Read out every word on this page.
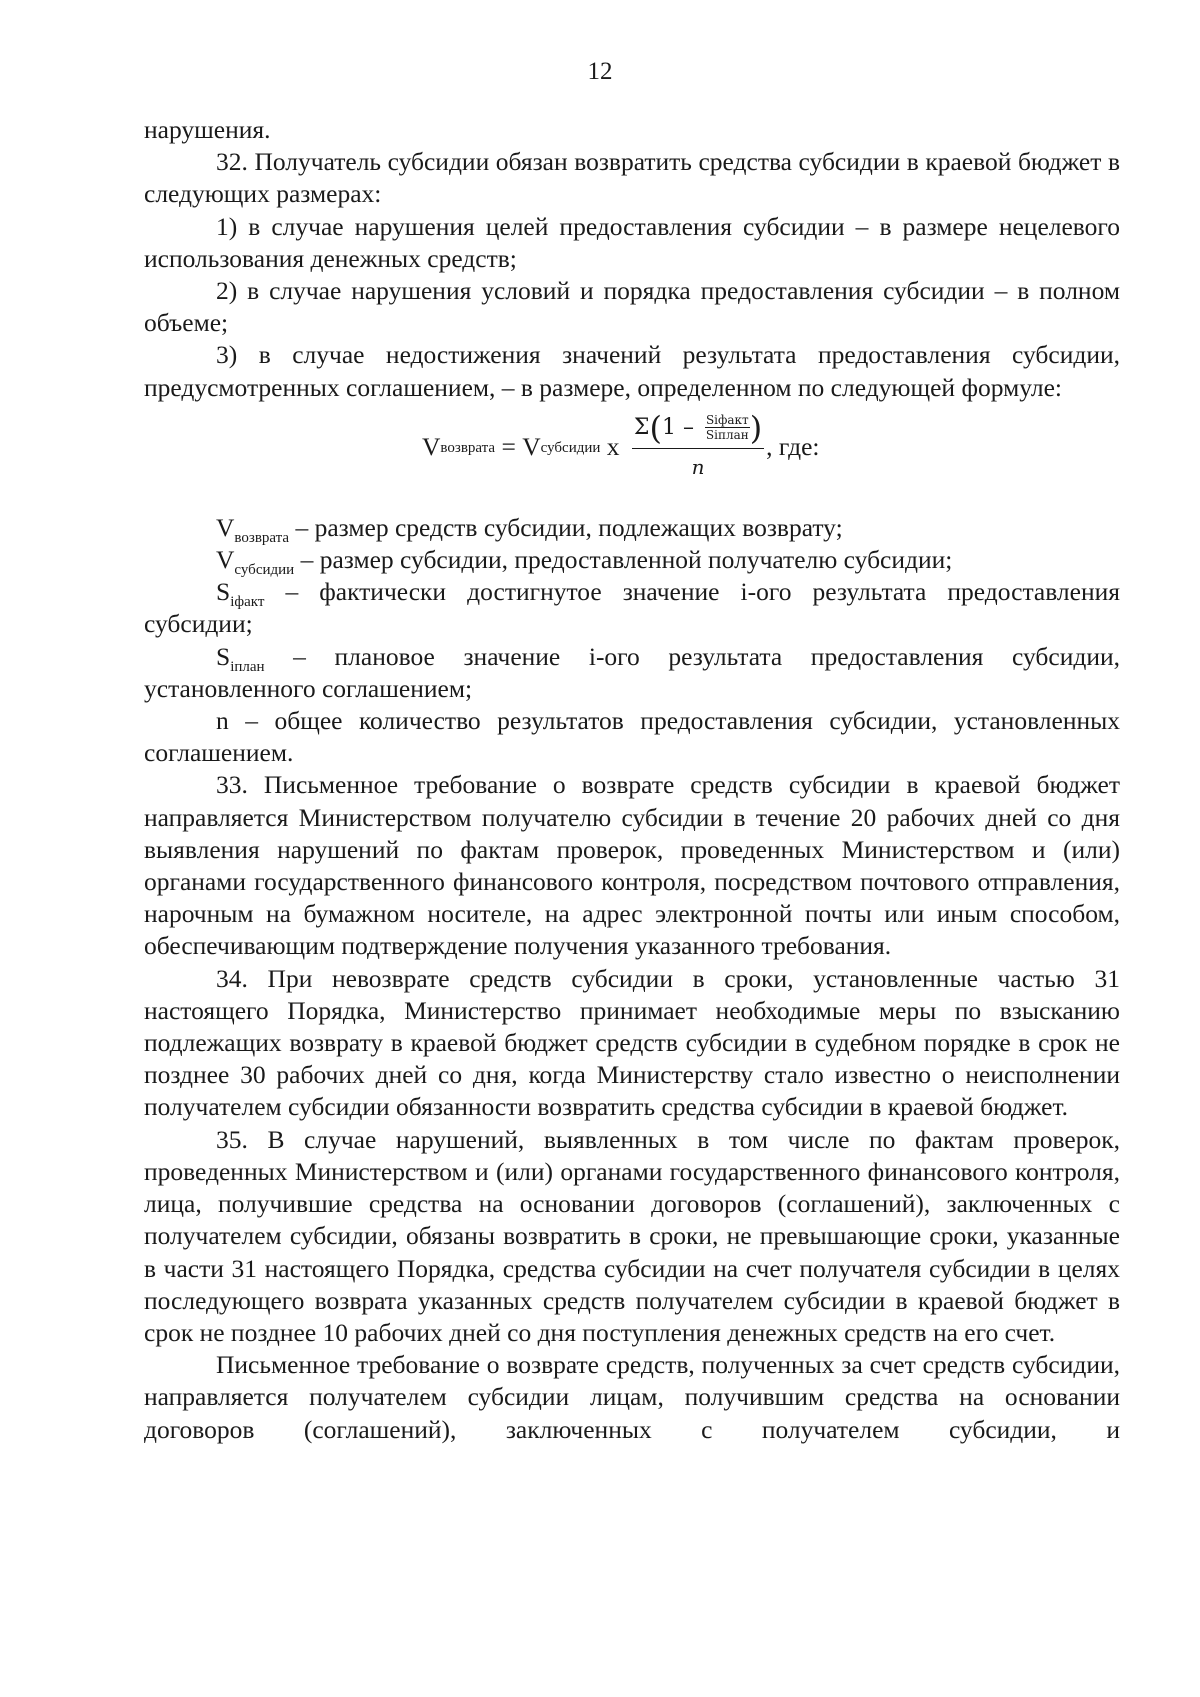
12

нарушения.

32. Получатель субсидии обязан возвратить средства субсидии в краевой бюджет в следующих размерах:

1) в случае нарушения целей предоставления субсидии – в размере нецелевого использования денежных средств;

2) в случае нарушения условий и порядка предоставления субсидии – в полном объеме;

3) в случае недостижения значений результата предоставления субсидии, предусмотренных соглашением, – в размере, определенном по следующей формуле:

V возврата = V субсидии x
Σ ( $1 - \frac{\text{Sіфакт}}{\text{Sіплан}}$ )
n
, где:

$V_{возврата}$ – размер средств субсидии, подлежащих возврату;

$V_{субсидии}$ – размер субсидии, предоставленной получателю субсидии;

$S_{іфакт}$ – фактически достигнутое значение і-ого результата предоставления субсидии;

$S_{іплан}$ – плановое значение і-ого результата предоставления субсидии, установленного соглашением;

n – общее количество результатов предоставления субсидии, установленных соглашением.

33. Письменное требование о возврате средств субсидии в краевой бюджет направляется Министерством получателю субсидии в течение 20 рабочих дней со дня выявления нарушений по фактам проверок, проведенных Министерством и (или) органами государственного финансового контроля, посредством почтового отправления, нарочным на бумажном носителе, на адрес электронной почты или иным способом, обеспечивающим подтверждение получения указанного требования.

34. При невозврате средств субсидии в сроки, установленные частью 31 настоящего Порядка, Министерство принимает необходимые меры по взысканию подлежащих возврату в краевой бюджет средств субсидии в судебном порядке в срок не позднее 30 рабочих дней со дня, когда Министерству стало известно о неисполнении получателем субсидии обязанности возвратить средства субсидии в краевой бюджет.

35. В случае нарушений, выявленных в том числе по фактам проверок, проведенных Министерством и (или) органами государственного финансового контроля, лица, получившие средства на основании договоров (соглашений), заключенных с получателем субсидии, обязаны возвратить в сроки, не превышающие сроки, указанные в части 31 настоящего Порядка, средства субсидии на счет получателя субсидии в целях последующего возврата указанных средств получателем субсидии в краевой бюджет в срок не позднее 10 рабочих дней со дня поступления денежных средств на его счет.

Письменное требование о возврате средств, полученных за счет средств субсидии, направляется получателем субсидии лицам, получившим средства на основании договоров (соглашений), заключенных с получателем субсидии, и
